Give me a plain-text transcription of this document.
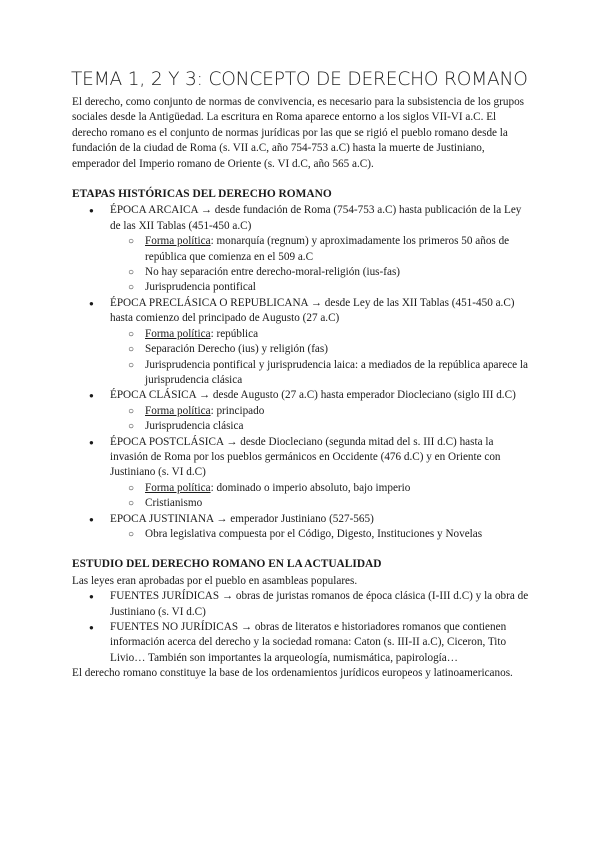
TEMA 1, 2 Y 3: CONCEPTO DE DERECHO ROMANO

El derecho, como conjunto de normas de convivencia, es necesario para la subsistencia de los grupos sociales desde la Antigüedad. La escritura en Roma aparece entorno a los siglos VII-VI a.C. El derecho romano es el conjunto de normas jurídicas por las que se rigió el pueblo romano desde la fundación de la ciudad de Roma (s. VII a.C, año 754-753 a.C) hasta la muerte de Justiniano, emperador del Imperio romano de Oriente (s. VI d.C, año 565 a.C).

ETAPAS HISTÓRICAS DEL DERECHO ROMANO

● ÉPOCA ARCAICA → desde fundación de Roma (754-753 a.C) hasta publicación de la Ley de las XII Tablas (451-450 a.C)
○ Forma política: monarquía (regnum) y aproximadamente los primeros 50 años de república que comienza en el 509 a.C
○ No hay separación entre derecho-moral-religión (ius-fas)
○ Jurisprudencia pontifical
● ÉPOCA PRECLÁSICA O REPUBLICANA → desde Ley de las XII Tablas (451-450 a.C) hasta comienzo del principado de Augusto (27 a.C)
○ Forma política: república
○ Separación Derecho (ius) y religión (fas)
○ Jurisprudencia pontifical y jurisprudencia laica: a mediados de la república aparece la jurisprudencia clásica
● ÉPOCA CLÁSICA → desde Augusto (27 a.C) hasta emperador Diocleciano (siglo III d.C)
○ Forma política: principado
○ Jurisprudencia clásica
● ÉPOCA POSTCLÁSICA → desde Diocleciano (segunda mitad del s. III d.C) hasta la invasión de Roma por los pueblos germánicos en Occidente (476 d.C) y en Oriente con Justiniano (s. VI d.C)
○ Forma política: dominado o imperio absoluto, bajo imperio
○ Cristianismo
● EPOCA JUSTINIANA → emperador Justiniano (527-565)
○ Obra legislativa compuesta por el Código, Digesto, Instituciones y Novelas

ESTUDIO DEL DERECHO ROMANO EN LA ACTUALIDAD

Las leyes eran aprobadas por el pueblo en asambleas populares.

● FUENTES JURÍDICAS → obras de juristas romanos de época clásica (I-III d.C) y la obra de Justiniano (s. VI d.C)
● FUENTES NO JURÍDICAS → obras de literatos e historiadores romanos que contienen información acerca del derecho y la sociedad romana: Caton (s. III-II a.C), Ciceron, Tito Livio… También son importantes la arqueología, numismática, papirología…

El derecho romano constituye la base de los ordenamientos jurídicos europeos y latinoamericanos.
